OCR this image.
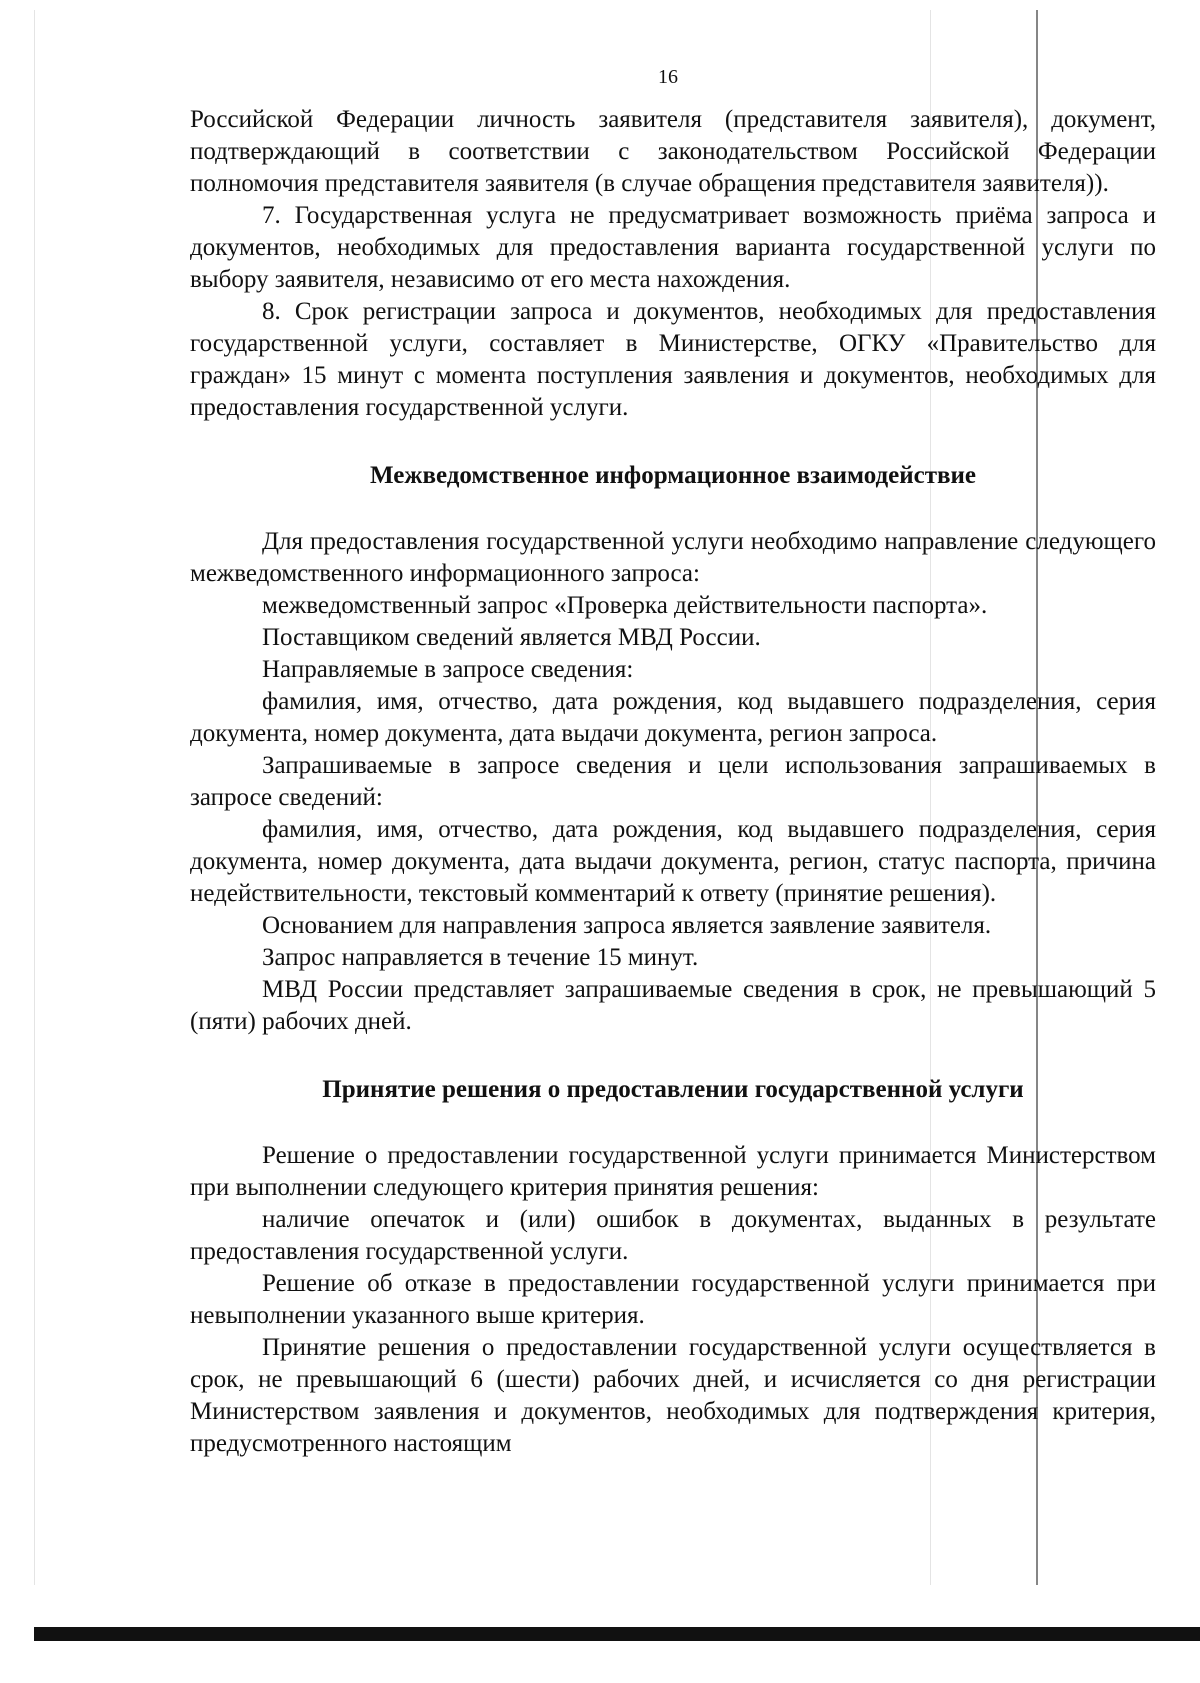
16

Российской Федерации личность заявителя (представителя заявителя), документ, подтверждающий в соответствии с законодательством Российской Федерации полномочия представителя заявителя (в случае обращения представителя заявителя)).

7. Государственная услуга не предусматривает возможность приёма запроса и документов, необходимых для предоставления варианта государственной услуги по выбору заявителя, независимо от его места нахождения.

8. Срок регистрации запроса и документов, необходимых для предоставления государственной услуги, составляет в Министерстве, ОГКУ «Правительство для граждан» 15 минут с момента поступления заявления и документов, необходимых для предоставления государственной услуги.

Межведомственное информационное взаимодействие

Для предоставления государственной услуги необходимо направление следующего межведомственного информационного запроса:

межведомственный запрос «Проверка действительности паспорта».

Поставщиком сведений является МВД России.

Направляемые в запросе сведения:

фамилия, имя, отчество, дата рождения, код выдавшего подразделения, серия документа, номер документа, дата выдачи документа, регион запроса.

Запрашиваемые в запросе сведения и цели использования запрашиваемых в запросе сведений:

фамилия, имя, отчество, дата рождения, код выдавшего подразделения, серия документа, номер документа, дата выдачи документа, регион, статус паспорта, причина недействительности, текстовый комментарий к ответу (принятие решения).

Основанием для направления запроса является заявление заявителя.

Запрос направляется в течение 15 минут.

МВД России представляет запрашиваемые сведения в срок, не превышающий 5 (пяти) рабочих дней.

Принятие решения о предоставлении государственной услуги

Решение о предоставлении государственной услуги принимается Министерством при выполнении следующего критерия принятия решения:

наличие опечаток и (или) ошибок в документах, выданных в результате предоставления государственной услуги.

Решение об отказе в предоставлении государственной услуги принимается при невыполнении указанного выше критерия.

Принятие решения о предоставлении государственной услуги осуществляется в срок, не превышающий 6 (шести) рабочих дней, и исчисляется со дня регистрации Министерством заявления и документов, необходимых для подтверждения критерия, предусмотренного настоящим
